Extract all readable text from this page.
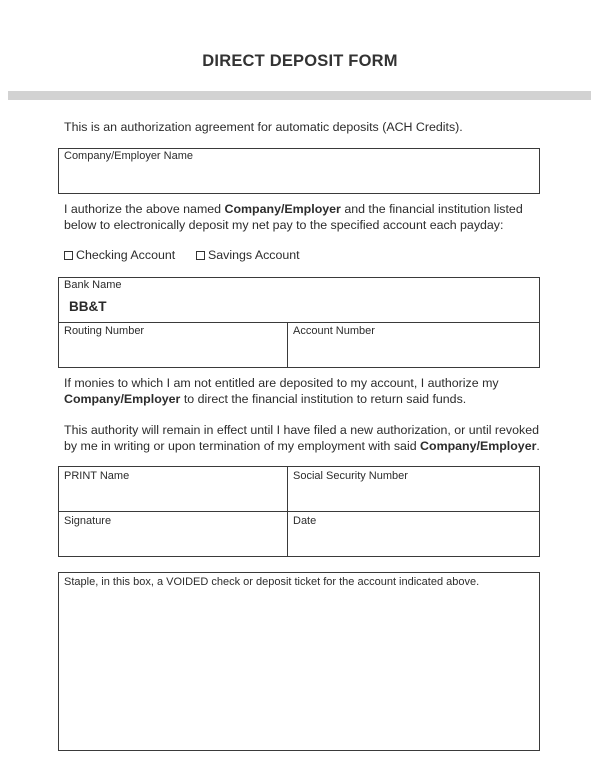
DIRECT DEPOSIT FORM
This is an authorization agreement for automatic deposits (ACH Credits).
Company/Employer Name
I authorize the above named Company/Employer and the financial institution listed
below to electronically deposit my net pay to the specified account each payday:
Checking Account	Savings Account
Bank Name
BB&T
Routing Number	Account Number
If monies to which I am not entitled are deposited to my account, I authorize my
Company/Employer to direct the financial institution to return said funds.
This authority will remain in effect until I have filed a new authorization, or until revoked
by me in writing or upon termination of my employment with said Company/Employer.
PRINT Name	Social Security Number
Signature	Date
Staple, in this box, a VOIDED check or deposit ticket for the account indicated above.
